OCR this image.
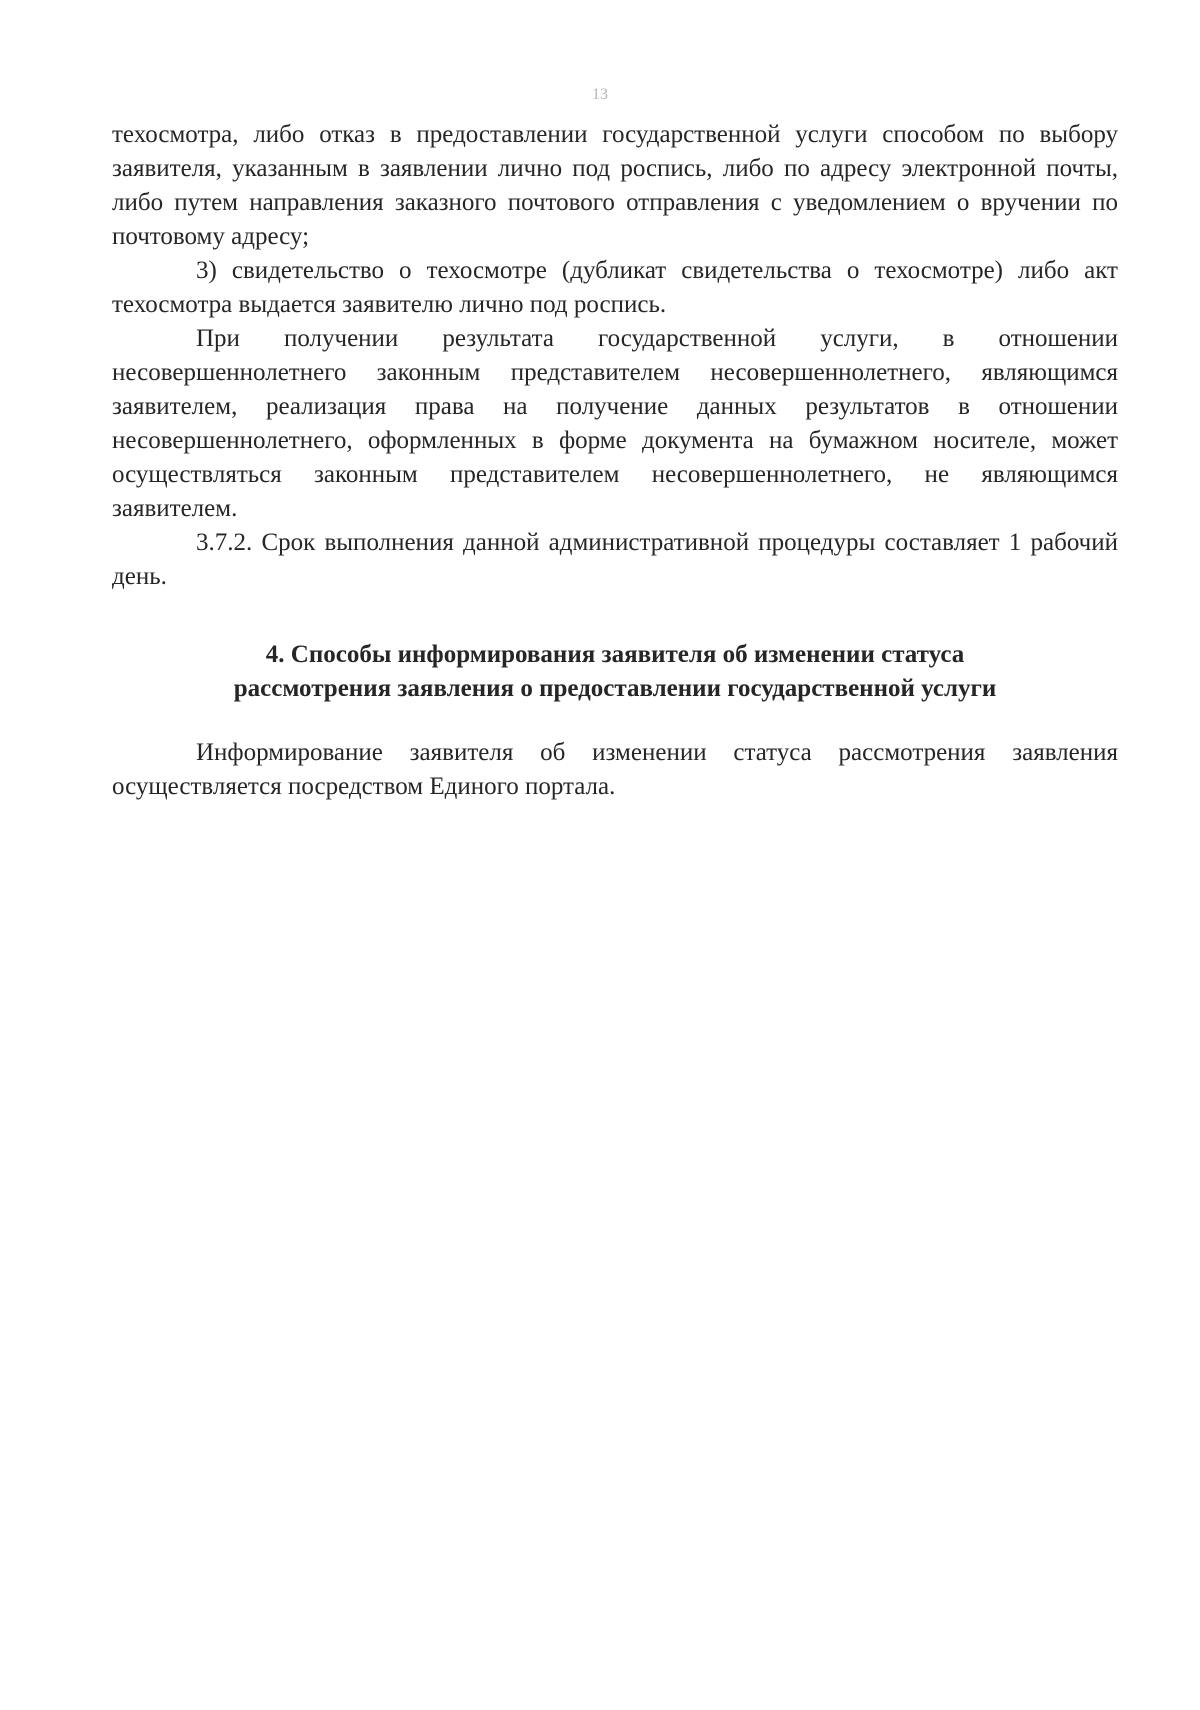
13

техосмотра, либо отказ в предоставлении государственной услуги способом по выбору заявителя, указанным в заявлении лично под роспись, либо по адресу электронной почты, либо путем направления заказного почтового отправления с уведомлением о вручении по почтовому адресу;

3) свидетельство о техосмотре (дубликат свидетельства о техосмотре) либо акт техосмотра выдается заявителю лично под роспись.

При получении результата государственной услуги, в отношении несовершеннолетнего законным представителем несовершеннолетнего, являющимся заявителем, реализация права на получение данных результатов в отношении несовершеннолетнего, оформленных в форме документа на бумажном носителе, может осуществляться законным представителем несовершеннолетнего, не являющимся заявителем.

3.7.2. Срок выполнения данной административной процедуры составляет 1 рабочий день.

4. Способы информирования заявителя об изменении статуса
рассмотрения заявления о предоставлении государственной услуги

Информирование заявителя об изменении статуса рассмотрения заявления осуществляется посредством Единого портала.
